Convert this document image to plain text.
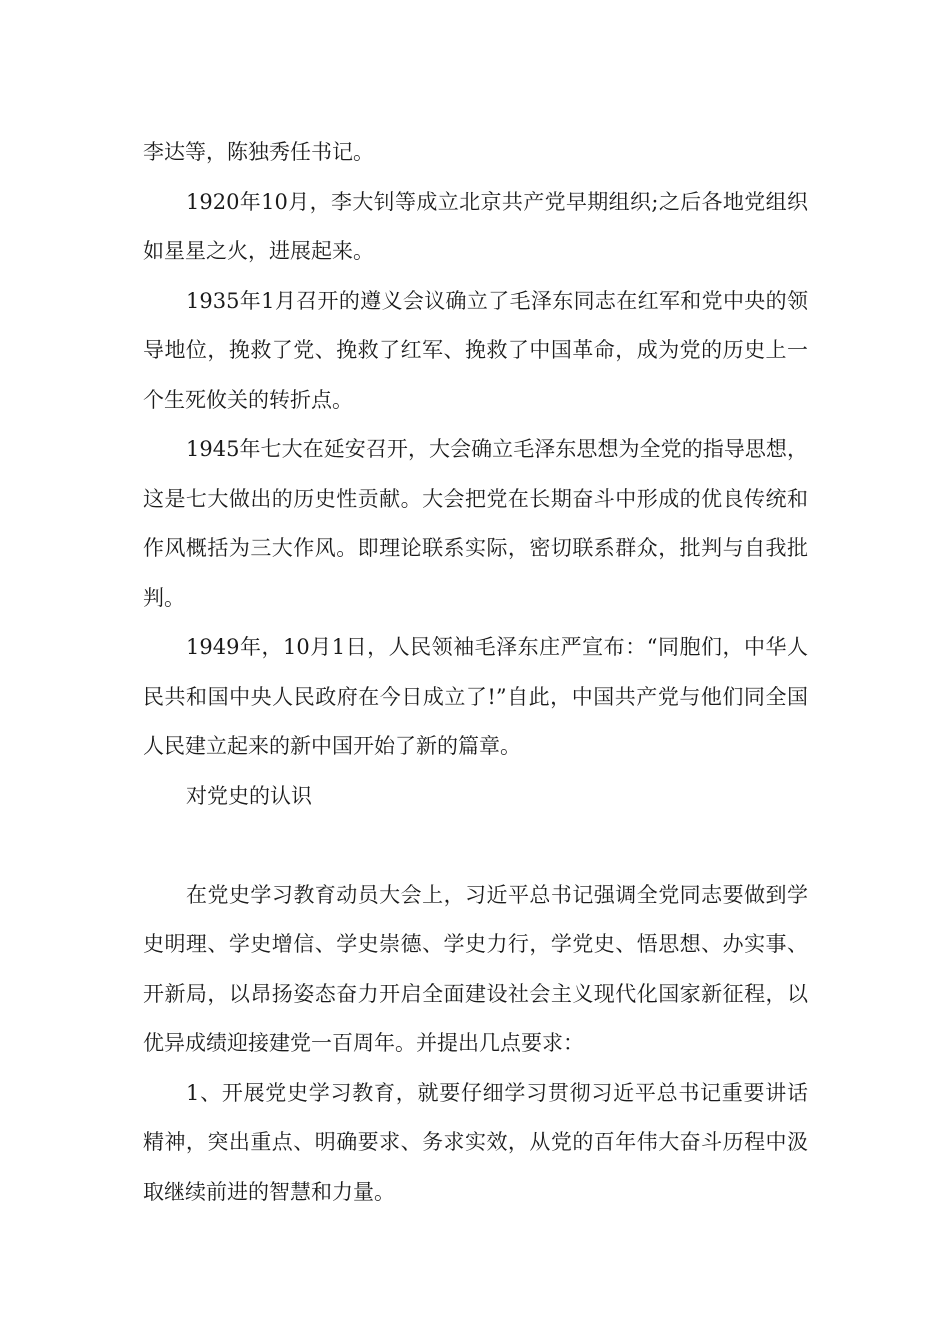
李达等，陈独秀任书记。

1920年10月，李大钊等成立北京共产党早期组织;之后各地党组织如星星之火，进展起来。

1935年1月召开的遵义会议确立了毛泽东同志在红军和党中央的领导地位，挽救了党、挽救了红军、挽救了中国革命，成为党的历史上一个生死攸关的转折点。

1945年七大在延安召开，大会确立毛泽东思想为全党的指导思想，这是七大做出的历史性贡献。大会把党在长期奋斗中形成的优良传统和作风概括为三大作风。即理论联系实际，密切联系群众，批判与自我批判。

1949年，10月1日，人民领袖毛泽东庄严宣布：“同胞们，中华人民共和国中央人民政府在今日成立了!”自此，中国共产党与他们同全国人民建立起来的新中国开始了新的篇章。

对党史的认识

在党史学习教育动员大会上，习近平总书记强调全党同志要做到学史明理、学史增信、学史崇德、学史力行，学党史、悟思想、办实事、开新局，以昂扬姿态奋力开启全面建设社会主义现代化国家新征程，以优异成绩迎接建党一百周年。并提出几点要求：

1、开展党史学习教育，就要仔细学习贯彻习近平总书记重要讲话精神，突出重点、明确要求、务求实效，从党的百年伟大奋斗历程中汲取继续前进的智慧和力量。
